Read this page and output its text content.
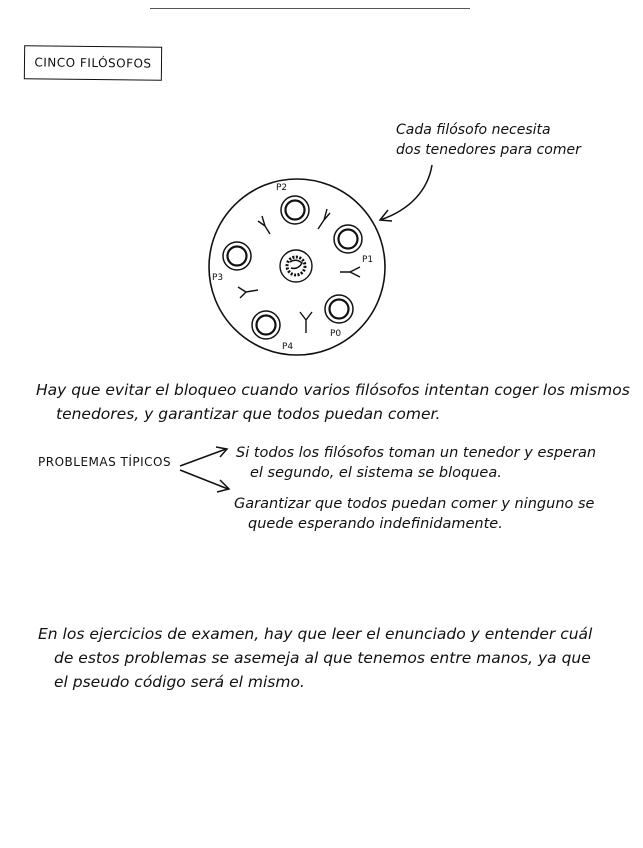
CINCO FILÓSOFOS
Cada filósofo necesita
dos tenedores para comer
P2
P1
P0
P4
P3
Hay que evitar el bloqueo cuando varios filósofos intentan coger los mismos
tenedores, y garantizar que todos puedan comer.
PROBLEMAS TÍPICOS
Si todos los filósofos toman un tenedor y esperan
el segundo, el sistema se bloquea.
Garantizar que todos puedan comer y ninguno se
quede esperando indefinidamente.
En los ejercicios de examen, hay que leer el enunciado y entender cuál
de estos problemas se asemeja al que tenemos entre manos, ya que
el pseudo código será el mismo.
